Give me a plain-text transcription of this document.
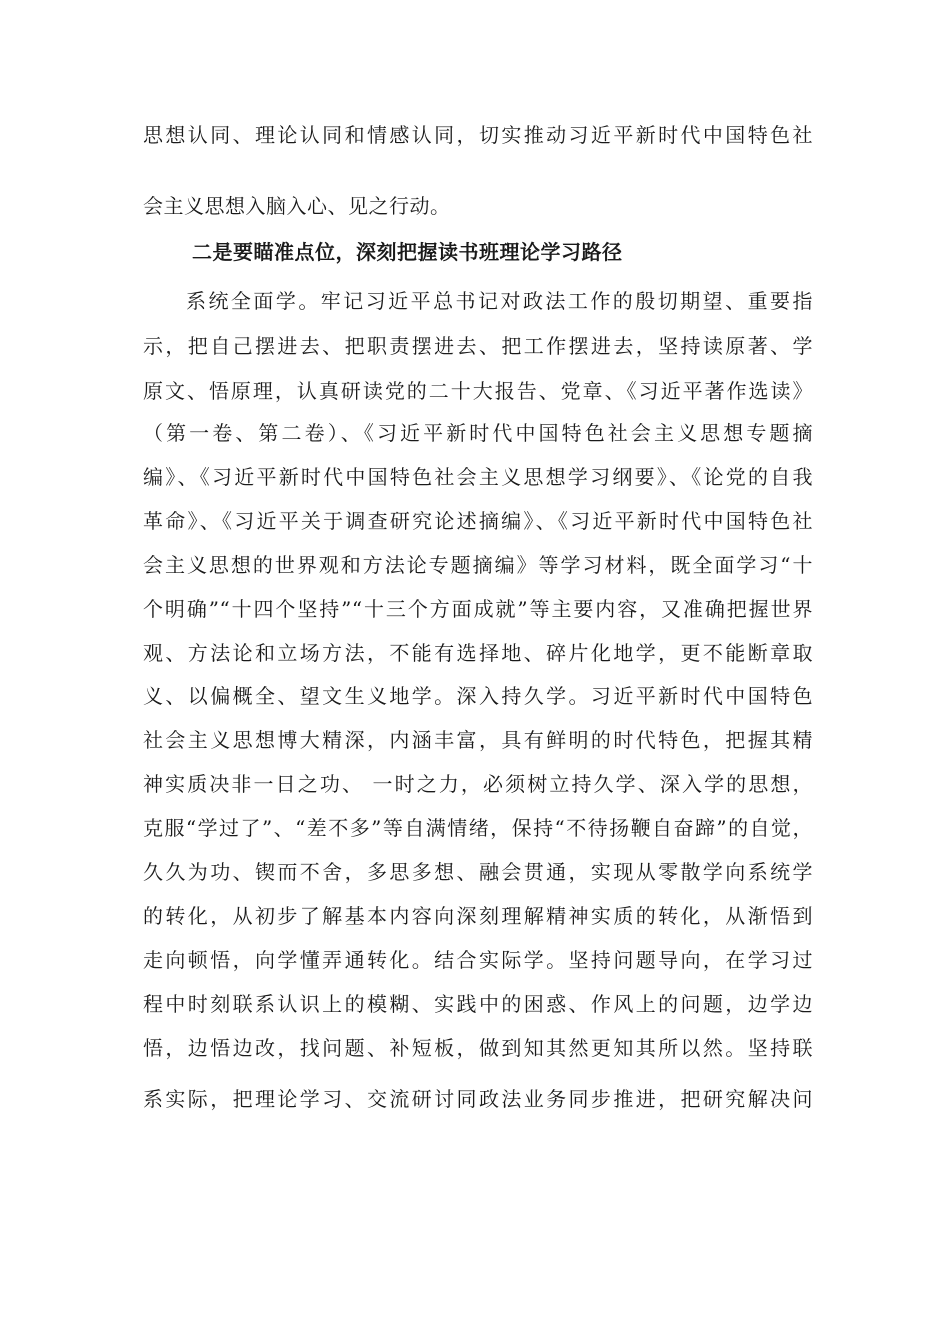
思想认同、理论认同和情感认同，切实推动习近平新时代中国特色社
会主义思想入脑入心、见之行动。
二是要瞄准点位，深刻把握读书班理论学习路径
系统全面学。牢记习近平总书记对政法工作的殷切期望、重要指
示，把自己摆进去、把职责摆进去、把工作摆进去，坚持读原著、学
原文、悟原理，认真研读党的二十大报告、党章、《习近平著作选读》
（第一卷、第二卷）、《习近平新时代中国特色社会主义思想专题摘
编》、《习近平新时代中国特色社会主义思想学习纲要》、《论党的自我
革命》、《习近平关于调查研究论述摘编》、《习近平新时代中国特色社
会主义思想的世界观和方法论专题摘编》等学习材料，既全面学习“十
个明确”“十四个坚持”“十三个方面成就”等主要内容，又准确把握世界
观、方法论和立场方法，不能有选择地、碎片化地学，更不能断章取
义、以偏概全、望文生义地学。深入持久学。习近平新时代中国特色
社会主义思想博大精深，内涵丰富，具有鲜明的时代特色，把握其精
神实质决非一日之功、 一时之力，必须树立持久学、深入学的思想，
克服“学过了”、“差不多”等自满情绪，保持“不待扬鞭自奋蹄”的自觉，
久久为功、锲而不舍，多思多想、融会贯通，实现从零散学向系统学
的转化，从初步了解基本内容向深刻理解精神实质的转化，从渐悟到
走向顿悟，向学懂弄通转化。结合实际学。坚持问题导向，在学习过
程中时刻联系认识上的模糊、实践中的困惑、作风上的问题，边学边
悟，边悟边改，找问题、补短板，做到知其然更知其所以然。坚持联
系实际，把理论学习、交流研讨同政法业务同步推进，把研究解决问
